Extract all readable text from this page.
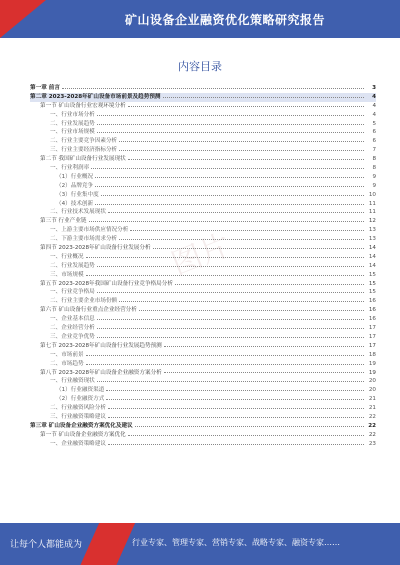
矿山设备企业融资优化策略研究报告
内容目录
图片
第一章 前言	3
第二章 2023-2028年矿山设备市场前景及趋势预测	4
第一节 矿山设备行业宏观环境分析	4
一、行业市场分析	4
二、行业发展趋势	5
一、行业市场规模	6
二、行业主要竞争因素分析	6
三、行业主要经济指标分析	7
第二节 我国矿山设备行业发展现状	8
一、行业利润率	8
（1）行业概况	9
（2）品牌竞争	9
（3）行业集中度	10
（4）技术创新	11
二、行业技术发展现状	11
第三节 行业产业链	12
一、上游主要市场供应情况分析	13
二、下游主要市场需求分析	13
第四节 2023-2028年矿山设备行业发展分析	14
一、行业概况	14
二、行业发展趋势	14
三、市场规模	15
第五节 2023-2028年我国矿山设备行业竞争格局分析	15
一、行业竞争格局	15
二、行业主要企业市场份额	16
第六节 矿山设备行业重点企业经营分析	16
一、企业基本信息	16
二、企业经营分析	17
三、企业竞争优势	17
第七节 2023-2028年矿山设备行业发展趋势预测	17
一、市场前景	18
二、市场趋势	19
第八节 2023-2028年矿山设备企业融资方案分析	19
一、行业融资现状	20
（1）行业融资渠道	20
（2）行业融资方式	21
二、行业融资风险分析	21
三、行业融资策略建议	22
第三章 矿山设备企业融资方案优化及建议	22
第一节 矿山设备企业融资方案优化	22
一、企业融资策略建议	23
让每个人都能成为	行业专家、管理专家、营销专家、战略专家、融资专家……
